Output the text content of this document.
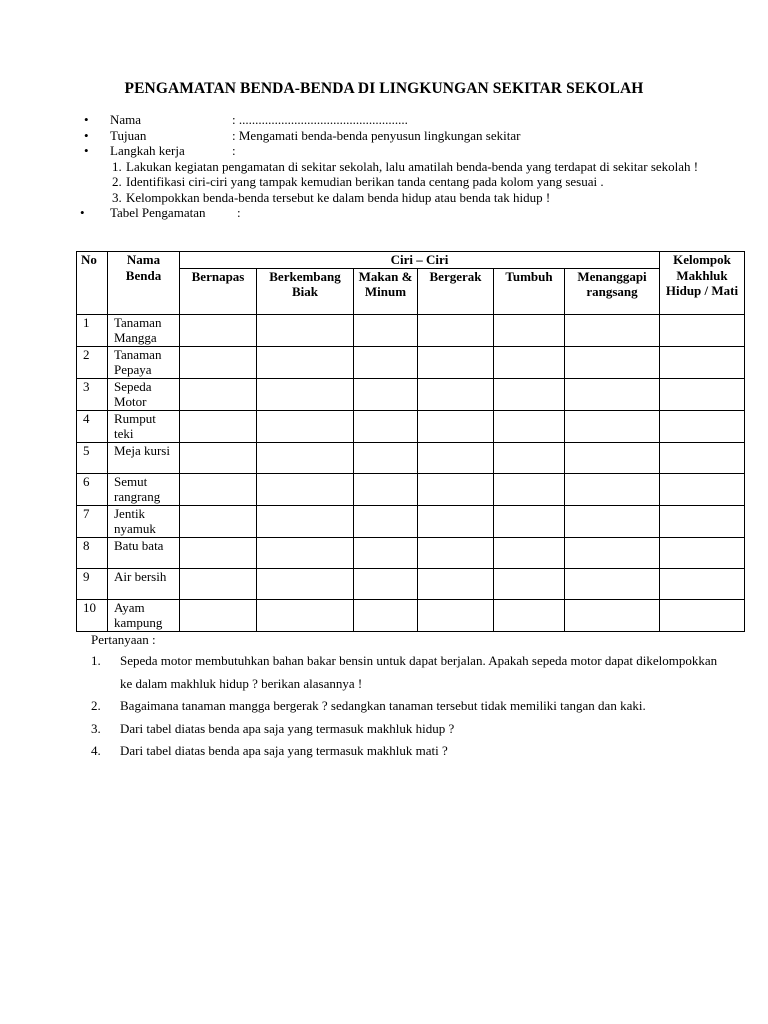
PENGAMATAN BENDA-BENDA DI LINGKUNGAN SEKITAR SEKOLAH
• Nama	: ....................................................
• Tujuan	: Mengamati benda-benda penyusun lingkungan sekitar
• Langkah kerja	:
1. Lakukan kegiatan pengamatan di sekitar sekolah, lalu amatilah benda-benda yang terdapat di sekitar sekolah !
2. Identifikasi ciri-ciri yang tampak kemudian berikan tanda centang pada kolom yang sesuai .
3. Kelompokkan benda-benda tersebut ke dalam benda hidup atau benda tak hidup !
• Tabel Pengamatan :
No	Nama Benda	Ciri – Ciri						Kelompok Makhluk Hidup / Mati
		Bernapas	Berkembang Biak	Makan & Minum	Bergerak	Tumbuh	Menanggapi rangsang	
1	Tanaman Mangga							
2	Tanaman Pepaya							
3	Sepeda Motor							
4	Rumput teki							
5	Meja kursi							
6	Semut rangrang							
7	Jentik nyamuk							
8	Batu bata							
9	Air bersih							
10	Ayam kampung							
Pertanyaan :
1. Sepeda motor membutuhkan bahan bakar bensin untuk dapat berjalan. Apakah sepeda motor dapat dikelompokkan ke dalam makhluk hidup ? berikan alasannya !
2. Bagaimana tanaman mangga bergerak ? sedangkan tanaman tersebut tidak memiliki tangan dan kaki.
3. Dari tabel diatas benda apa saja yang termasuk makhluk hidup ?
4. Dari tabel diatas benda apa saja yang termasuk makhluk mati ?
